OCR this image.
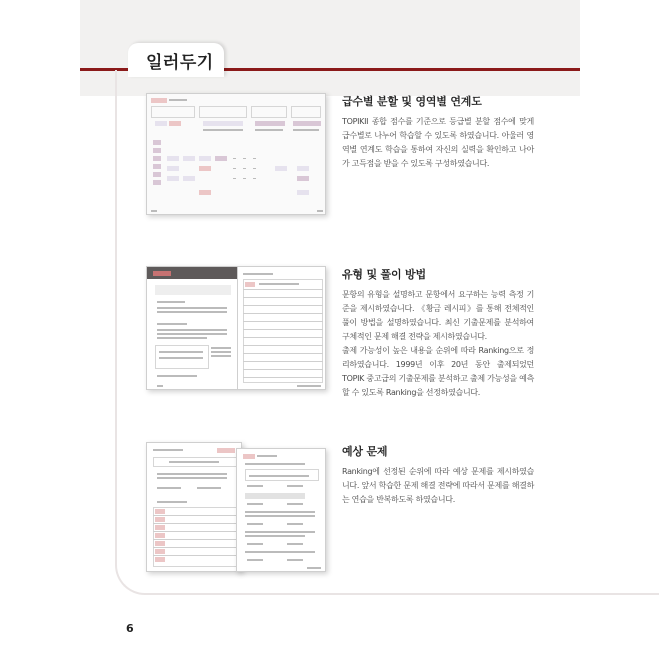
일러두기
급수별 분할 및 영역별 연계도
TOPIKII 종합 점수를 기준으로 등급별 분할 점수에 맞게 급수별로 나누어 학습할 수 있도록 하였습니다. 아울러 영역별 연계도 학습을 통하여 자신의 실력을 확인하고 나아가 고득점을 받을 수 있도록 구성하였습니다.
유형 및 풀이 방법
문항의 유형을 설명하고 문항에서 요구하는 능력 측정 기준을 제시하였습니다. 《황금 레시피》를 통해 전체적인 풀이 방법을 설명하였습니다. 최신 기출문제를 분석하여 구체적인 문제 해결 전략을 제시하였습니다.
출제 가능성이 높은 내용을 순위에 따라 Ranking으로 정리하였습니다. 1999년 이후 20년 동안 출제되었던 TOPIK 중고급의 기출문제를 분석하고 출제 가능성을 예측할 수 있도록 Ranking을 선정하였습니다.
예상 문제
Ranking에 선정된 순위에 따라 예상 문제를 제시하였습니다. 앞서 학습한 문제 해결 전략에 따라서 문제를 해결하는 연습을 반복하도록 하였습니다.
6
